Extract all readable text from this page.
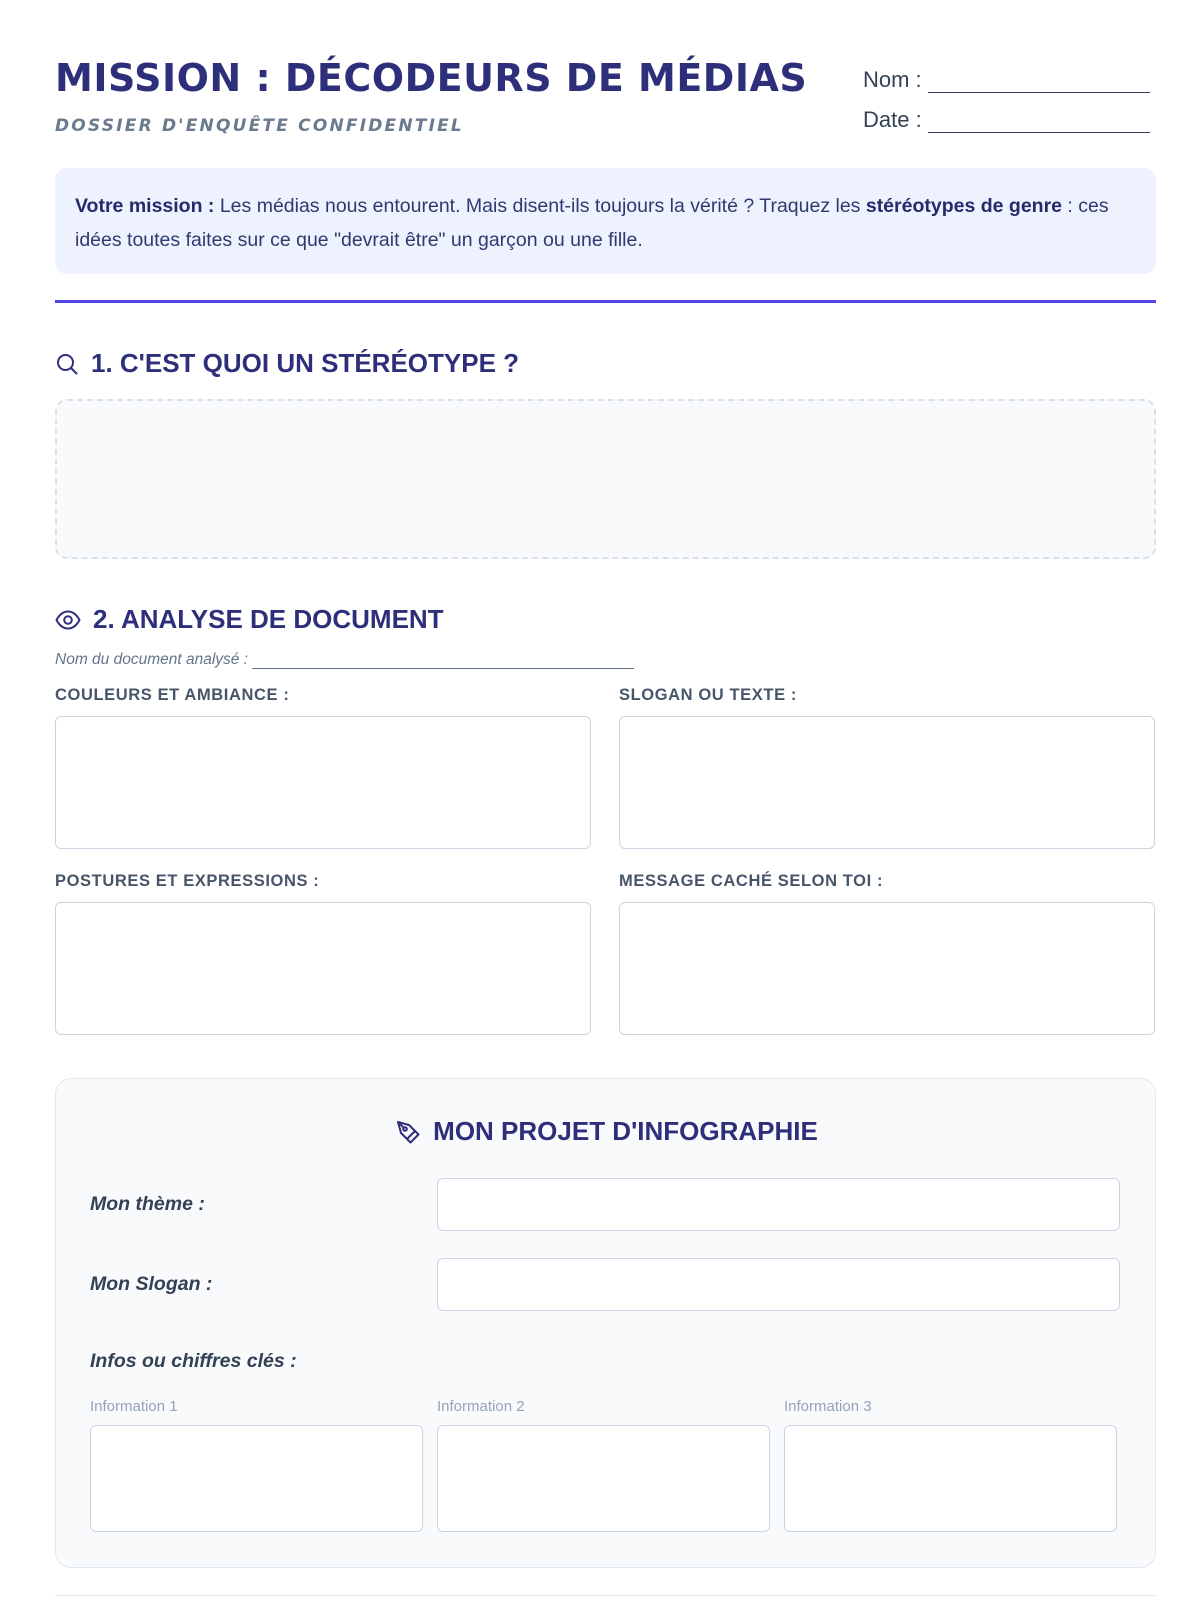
MISSION : DÉCODEURS DE MÉDIAS
DOSSIER D'ENQUÊTE CONFIDENTIEL
Nom :
Date :
Votre mission : Les médias nous entourent. Mais disent-ils toujours la vérité ? Traquez les stéréotypes de genre : ces idées toutes faites sur ce que "devrait être" un garçon ou une fille.
1. C'EST QUOI UN STÉRÉOTYPE ?
2. ANALYSE DE DOCUMENT
Nom du document analysé :
COULEURS ET AMBIANCE :	SLOGAN OU TEXTE :
POSTURES ET EXPRESSIONS :	MESSAGE CACHÉ SELON TOI :
MON PROJET D'INFOGRAPHIE
Mon thème :
Mon Slogan :
Infos ou chiffres clés :
Information 1	Information 2	Information 3
